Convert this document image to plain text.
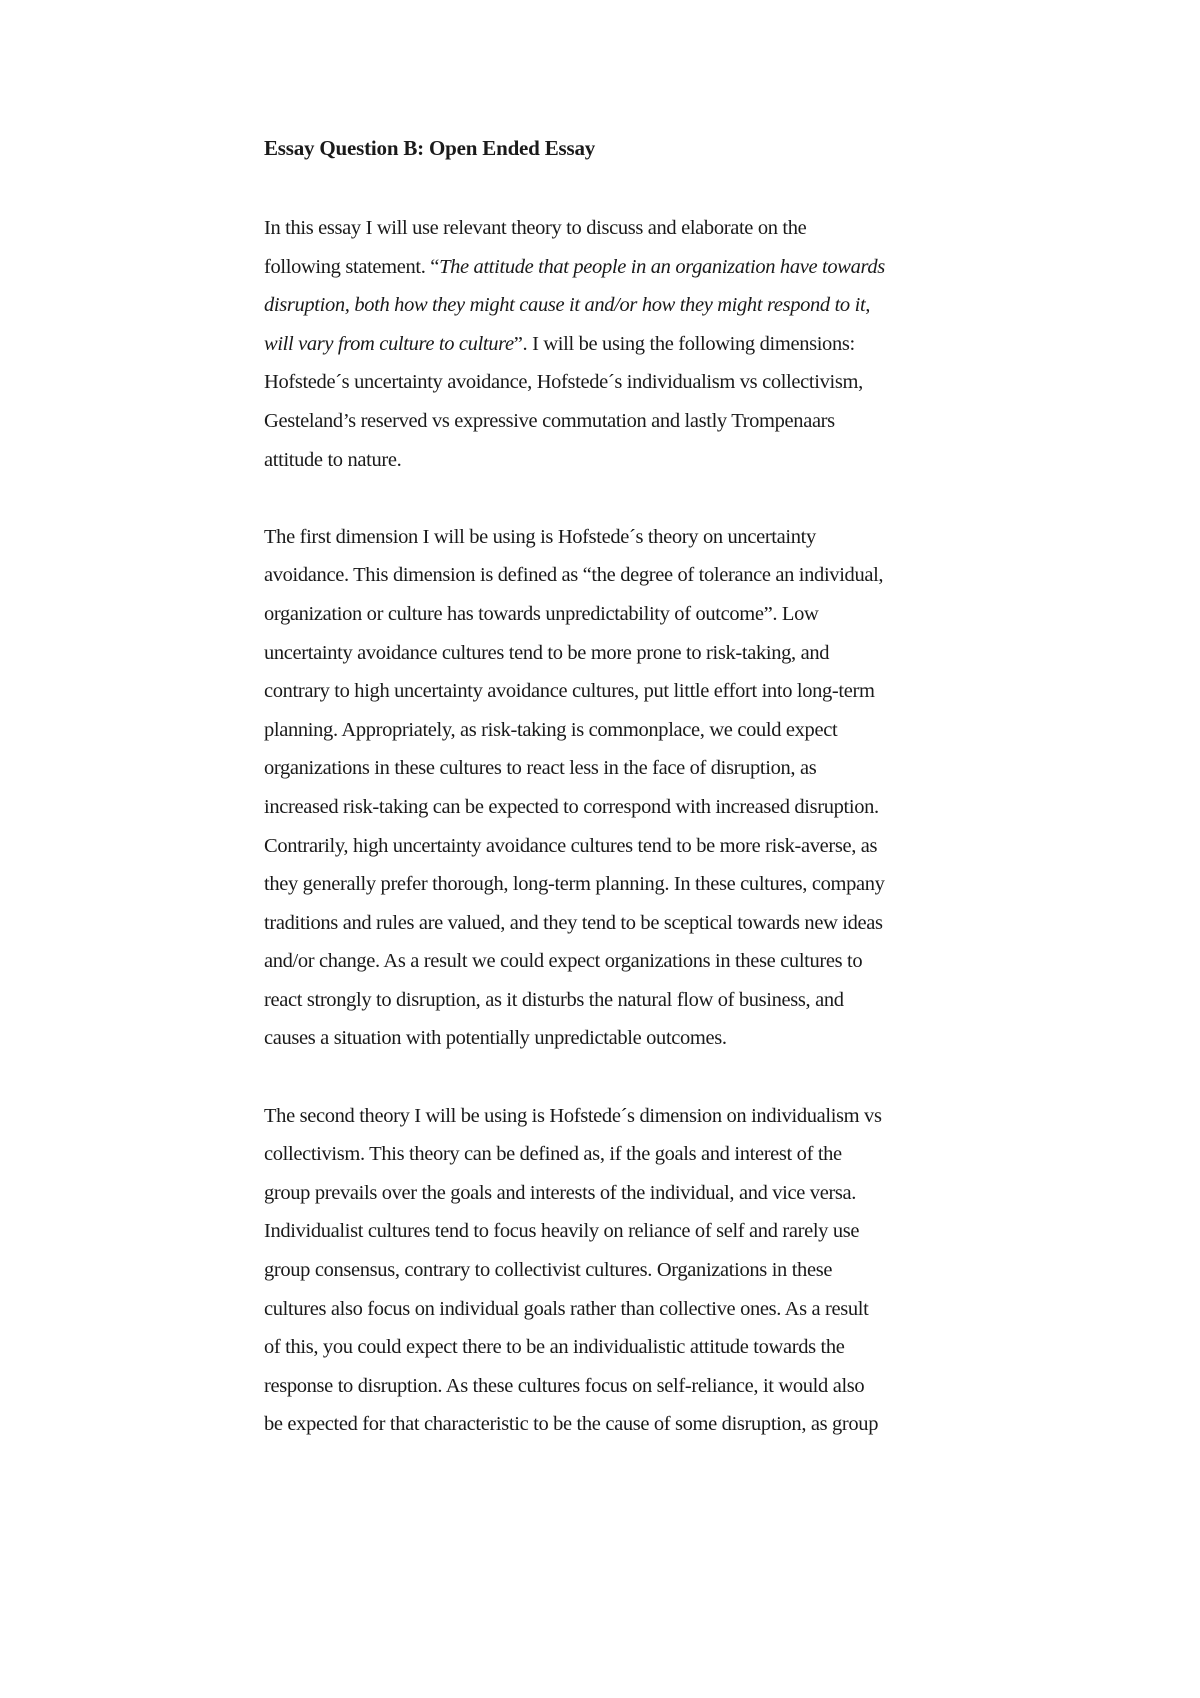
Essay Question B: Open Ended Essay
In this essay I will use relevant theory to discuss and elaborate on the
following statement. “The attitude that people in an organization have towards
disruption, both how they might cause it and/or how they might respond to it,
will vary from culture to culture”. I will be using the following dimensions:
Hofstede´s uncertainty avoidance, Hofstede´s individualism vs collectivism,
Gesteland’s reserved vs expressive commutation and lastly Trompenaars
attitude to nature.
The first dimension I will be using is Hofstede´s theory on uncertainty
avoidance. This dimension is defined as “the degree of tolerance an individual,
organization or culture has towards unpredictability of outcome”. Low
uncertainty avoidance cultures tend to be more prone to risk-taking, and
contrary to high uncertainty avoidance cultures, put little effort into long-term
planning. Appropriately, as risk-taking is commonplace, we could expect
organizations in these cultures to react less in the face of disruption, as
increased risk-taking can be expected to correspond with increased disruption.
Contrarily, high uncertainty avoidance cultures tend to be more risk-averse, as
they generally prefer thorough, long-term planning. In these cultures, company
traditions and rules are valued, and they tend to be sceptical towards new ideas
and/or change. As a result we could expect organizations in these cultures to
react strongly to disruption, as it disturbs the natural flow of business, and
causes a situation with potentially unpredictable outcomes.
The second theory I will be using is Hofstede´s dimension on individualism vs
collectivism. This theory can be defined as, if the goals and interest of the
group prevails over the goals and interests of the individual, and vice versa.
Individualist cultures tend to focus heavily on reliance of self and rarely use
group consensus, contrary to collectivist cultures. Organizations in these
cultures also focus on individual goals rather than collective ones. As a result
of this, you could expect there to be an individualistic attitude towards the
response to disruption. As these cultures focus on self-reliance, it would also
be expected for that characteristic to be the cause of some disruption, as group
